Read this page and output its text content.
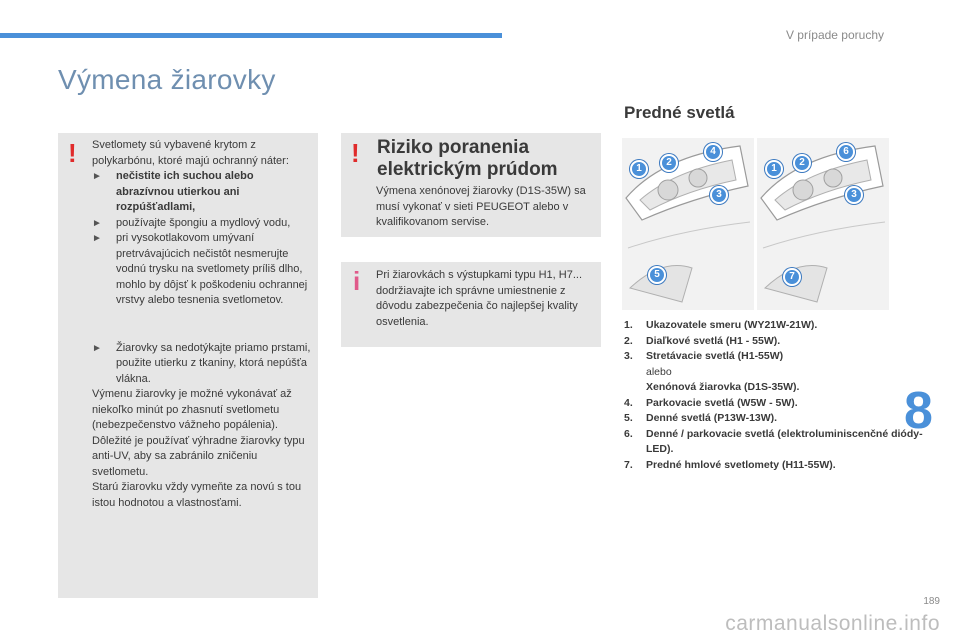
V prípade poruchy
Výmena žiarovky
! Svetlomety sú vybavené krytom z polykarbónu, ktoré majú ochranný náter:
►	nečistite ich suchou alebo abrazívnou utierkou ani rozpúšťadlami,
►	používajte špongiu a mydlový vodu,
►	pri vysokotlakovom umývaní pretrvávajúcich nečistôt nesmerujte vodnú trysku na svetlomety príliš dlho, mohlo by dôjsť k poškodeniu ochrannej vrstvy alebo tesnenia svetlometov.
►	Žiarovky sa nedotýkajte priamo prstami, použite utierku z tkaniny, ktorá nepúšťa vlákna.
Výmenu žiarovky je možné vykonávať až niekoľko minút po zhasnutí svetlometu (nebezpečenstvo vážneho popálenia).
Dôležité je používať výhradne žiarovky typu anti-UV, aby sa zabránilo zničeniu svetlometu.
Starú žiarovku vždy vymeňte za novú s tou istou hodnotou a vlastnosťami.
! Riziko poranenia
elektrickým prúdom
Výmena xenónovej žiarovky (D1S-35W) sa musí vykonať v sieti PEUGEOT alebo v kvalifikovanom servise.
i Pri žiarovkách s výstupkami typu H1, H7... dodržiavajte ich správne umiestnenie z dôvodu zabezpečenia čo najlepšej kvality osvetlenia.
Predné svetlá
1
2
4
3
5
1
2
6
3
7
1.	Ukazovatele smeru (WY21W-21W).
2.	Diaľkové svetlá (H1 - 55W).
3.	Stretávacie svetlá (H1-55W)
alebo
Xenónová žiarovka (D1S-35W).
4.	Parkovacie svetlá (W5W - 5W).
5.	Denné svetlá (P13W-13W).
6.	Denné / parkovacie svetlá (elektroluminiscenčné diódy-LED).
7.	Predné hmlové svetlomety (H11-55W).
8
189
carmanualsonline.info
